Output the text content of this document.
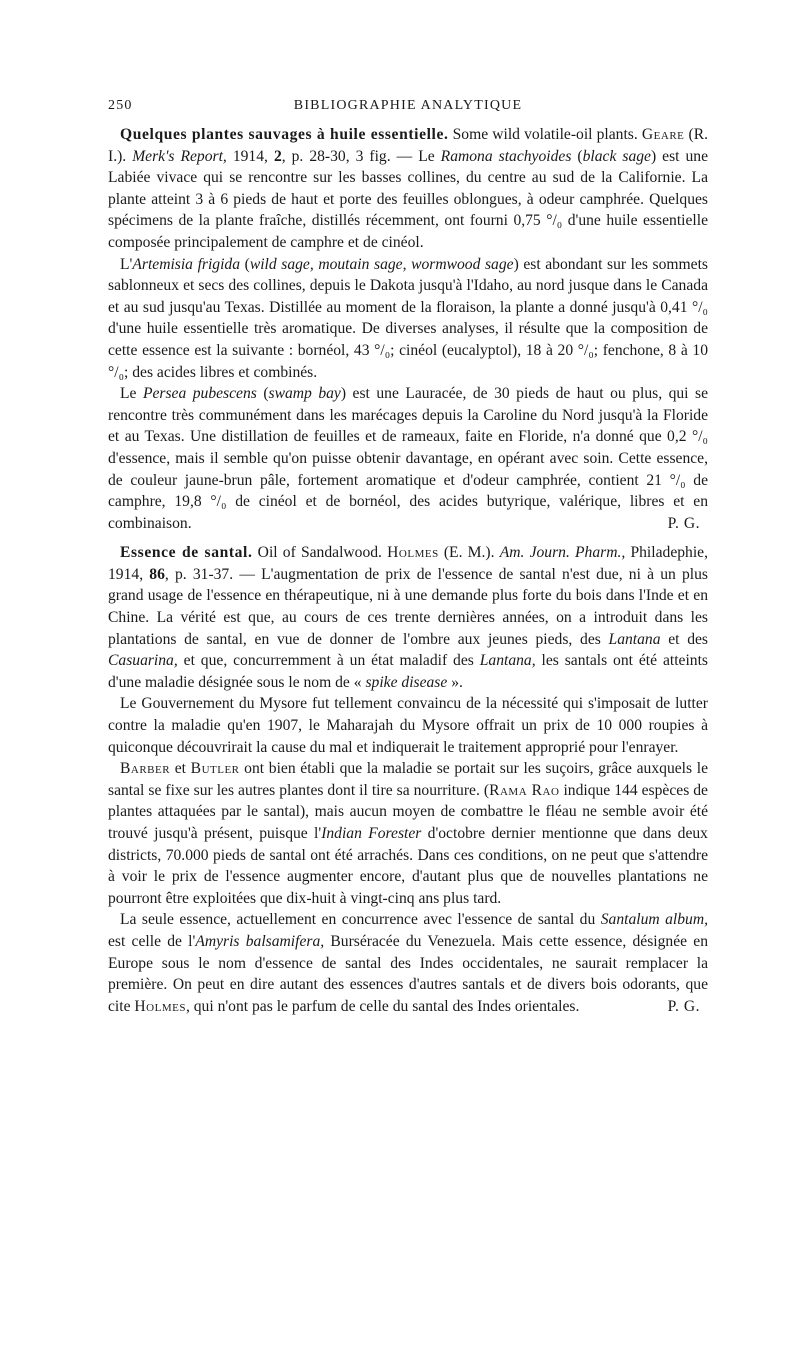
250	BIBLIOGRAPHIE ANALYTIQUE

Quelques plantes sauvages à huile essentielle. Some wild volatile-oil plants. Geare (R. I.). Merk's Report, 1914, 2, p. 28-30, 3 fig. — Le Ramona stachyoides (black sage) est une Labiée vivace qui se rencontre sur les basses collines, du centre au sud de la Californie. La plante atteint 3 à 6 pieds de haut et porte des feuilles oblongues, à odeur camphrée. Quelques spécimens de la plante fraîche, distillés récemment, ont fourni 0,75 °/₀ d'une huile essentielle composée principalement de camphre et de cinéol.

L'Artemisia frigida (wild sage, moutain sage, wormwood sage) est abondant sur les sommets sablonneux et secs des collines, depuis le Dakota jusqu'à l'Idaho, au nord jusque dans le Canada et au sud jusqu'au Texas. Distillée au moment de la floraison, la plante a donné jusqu'à 0,41 °/₀ d'une huile essentielle très aromatique. De diverses analyses, il résulte que la composition de cette essence est la suivante : bornéol, 43 °/₀; cinéol (eucalyptol), 18 à 20 °/₀; fenchone, 8 à 10 °/₀; des acides libres et combinés.

Le Persea pubescens (swamp bay) est une Lauracée, de 30 pieds de haut ou plus, qui se rencontre très communément dans les marécages depuis la Caroline du Nord jusqu'à la Floride et au Texas. Une distillation de feuilles et de rameaux, faite en Floride, n'a donné que 0,2 °/₀ d'essence, mais il semble qu'on puisse obtenir davantage, en opérant avec soin. Cette essence, de couleur jaune-brun pâle, fortement aromatique et d'odeur camphrée, contient 21 °/₀ de camphre, 19,8 °/₀ de cinéol et de bornéol, des acides butyrique, valérique, libres et en combinaison.	P. G.

Essence de santal. Oil of Sandalwood. Holmes (E. M.). Am. Journ. Pharm., Philadephie, 1914, 86, p. 31-37. — L'augmentation de prix de l'essence de santal n'est due, ni à un plus grand usage de l'essence en thérapeutique, ni à une demande plus forte du bois dans l'Inde et en Chine. La vérité est que, au cours de ces trente dernières années, on a introduit dans les plantations de santal, en vue de donner de l'ombre aux jeunes pieds, des Lantana et des Casuarina, et que, concurremment à un état maladif des Lantana, les santals ont été atteints d'une maladie désignée sous le nom de « spike disease ».

Le Gouvernement du Mysore fut tellement convaincu de la nécessité qui s'imposait de lutter contre la maladie qu'en 1907, le Maharajah du Mysore offrait un prix de 10 000 roupies à quiconque découvrirait la cause du mal et indiquerait le traitement approprié pour l'enrayer.

Barber et Butler ont bien établi que la maladie se portait sur les suçoirs, grâce auxquels le santal se fixe sur les autres plantes dont il tire sa nourriture. (Rama Rao indique 144 espèces de plantes attaquées par le santal), mais aucun moyen de combattre le fléau ne semble avoir été trouvé jusqu'à présent, puisque l'Indian Forester d'octobre dernier mentionne que dans deux districts, 70.000 pieds de santal ont été arrachés. Dans ces conditions, on ne peut que s'attendre à voir le prix de l'essence augmenter encore, d'autant plus que de nouvelles plantations ne pourront être exploitées que dix-huit à vingt-cinq ans plus tard.

La seule essence, actuellement en concurrence avec l'essence de santal du Santalum album, est celle de l'Amyris balsamifera, Burséracée du Venezuela. Mais cette essence, désignée en Europe sous le nom d'essence de santal des Indes occidentales, ne saurait remplacer la première. On peut en dire autant des essences d'autres santals et de divers bois odorants, que cite Holmes, qui n'ont pas le parfum de celle du santal des Indes orientales.	P. G.
